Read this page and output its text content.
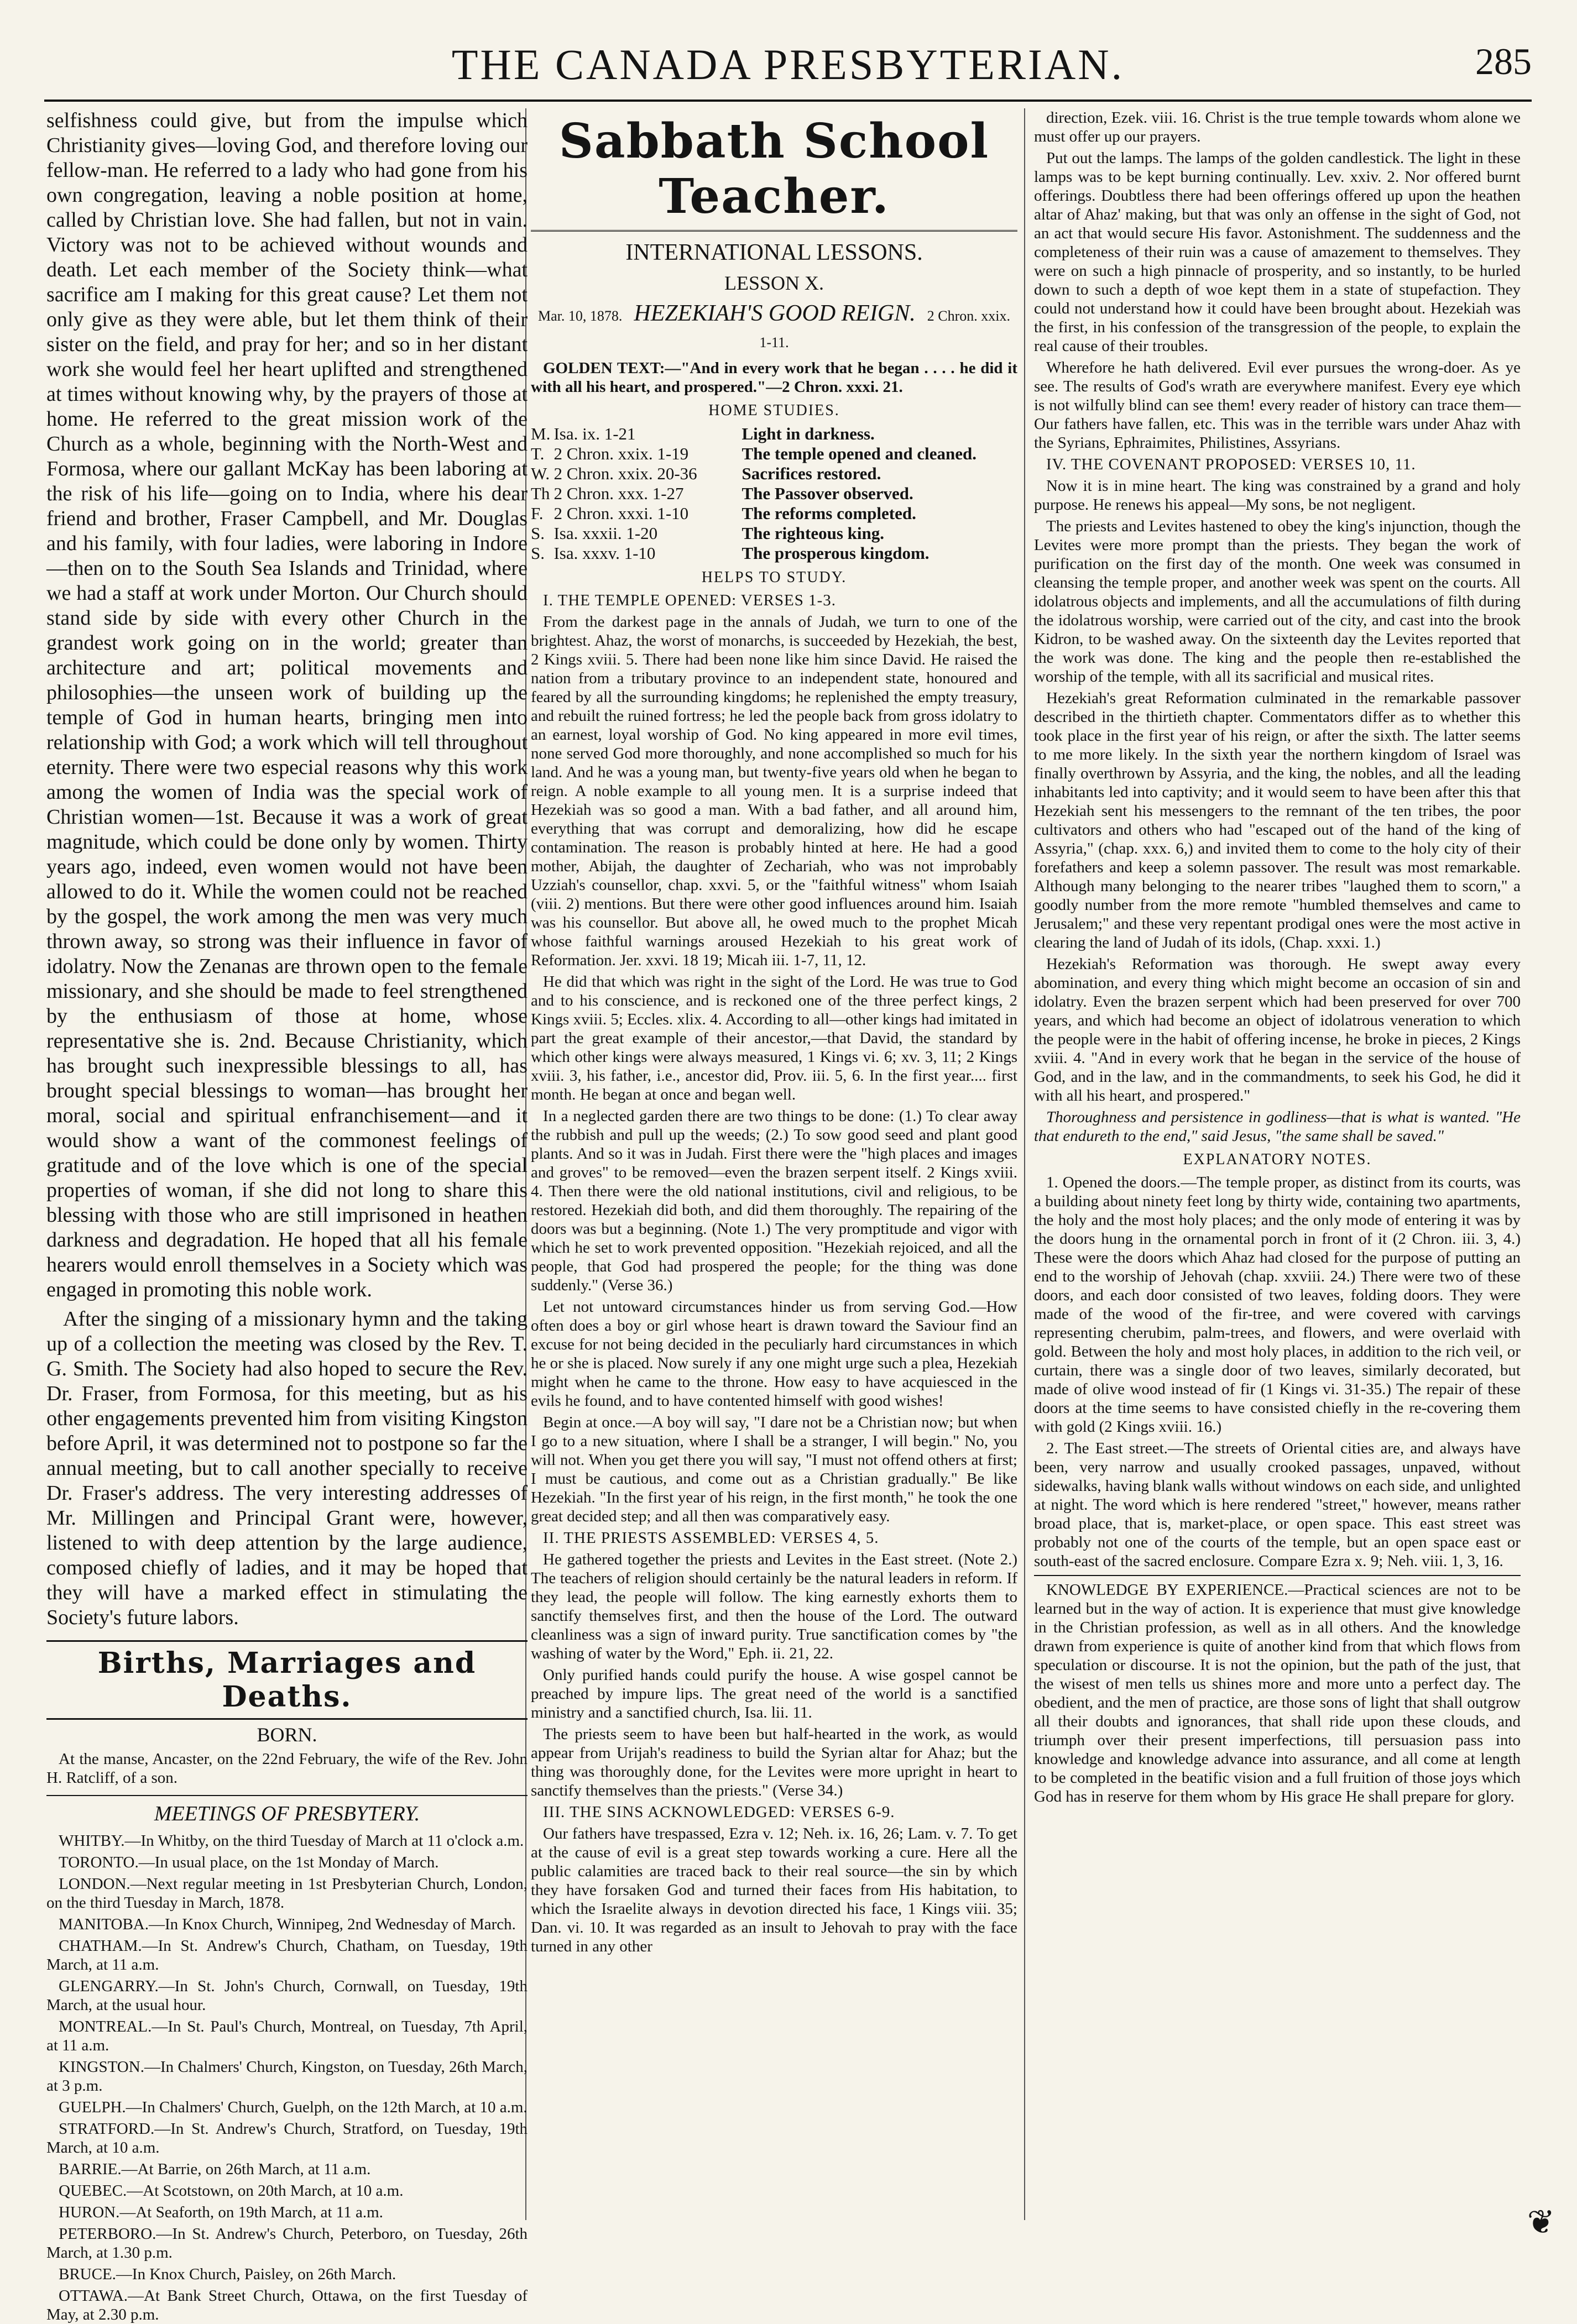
THE CANADA PRESBYTERIAN.	285

selfishness could give, but from the impulse which Christianity gives—loving God, and therefore loving our fellow-man. He referred to a lady who had gone from his own congregation, leaving a noble position at home, called by Christian love. She had fallen, but not in vain. Victory was not to be achieved without wounds and death. Let each member of the Society think—what sacrifice am I making for this great cause? Let them not only give as they were able, but let them think of their sister on the field, and pray for her; and so in her distant work she would feel her heart uplifted and strengthened at times without knowing why, by the prayers of those at home. He referred to the great mission work of the Church as a whole, beginning with the North-West and Formosa, where our gallant McKay has been laboring at the risk of his life—going on to India, where his dear friend and brother, Fraser Campbell, and Mr. Douglas and his family, with four ladies, were laboring in Indore—then on to the South Sea Islands and Trinidad, where we had a staff at work under Morton. Our Church should stand side by side with every other Church in the grandest work going on in the world; greater than architecture and art; political movements and philosophies—the unseen work of building up the temple of God in human hearts, bringing men into relationship with God; a work which will tell throughout eternity. There were two especial reasons why this work among the women of India was the special work of Christian women—1st. Because it was a work of great magnitude, which could be done only by women. Thirty years ago, indeed, even women would not have been allowed to do it. While the women could not be reached by the gospel, the work among the men was very much thrown away, so strong was their influence in favor of idolatry. Now the Zenanas are thrown open to the female missionary, and she should be made to feel strengthened by the enthusiasm of those at home, whose representative she is. 2nd. Because Christianity, which has brought such inexpressible blessings to all, has brought special blessings to woman—has brought her moral, social and spiritual enfranchisement—and it would show a want of the commonest feelings of gratitude and of the love which is one of the special properties of woman, if she did not long to share this blessing with those who are still imprisoned in heathen darkness and degradation. He hoped that all his female hearers would enroll themselves in a Society which was engaged in promoting this noble work.

After the singing of a missionary hymn and the taking up of a collection the meeting was closed by the Rev. T. G. Smith. The Society had also hoped to secure the Rev. Dr. Fraser, from Formosa, for this meeting, but as his other engagements prevented him from visiting Kingston before April, it was determined not to postpone so far the annual meeting, but to call another specially to receive Dr. Fraser's address. The very interesting addresses of Mr. Millingen and Principal Grant were, however, listened to with deep attention by the large audience, composed chiefly of ladies, and it may be hoped that they will have a marked effect in stimulating the Society's future labors.

Births, Marriages and Deaths.
BORN.

At the manse, Ancaster, on the 22nd February, the wife of the Rev. John H. Ratcliff, of a son.

MEETINGS OF PRESBYTERY.

WHITBY.—In Whitby, on the third Tuesday of March at 11 o'clock a.m.

TORONTO.—In usual place, on the 1st Monday of March.

LONDON.—Next regular meeting in 1st Presbyterian Church, London, on the third Tuesday in March, 1878.

MANITOBA.—In Knox Church, Winnipeg, 2nd Wednesday of March.

CHATHAM.—In St. Andrew's Church, Chatham, on Tuesday, 19th March, at 11 a.m.

GLENGARRY.—In St. John's Church, Cornwall, on Tuesday, 19th March, at the usual hour.

MONTREAL.—In St. Paul's Church, Montreal, on Tuesday, 7th April, at 11 a.m.

KINGSTON.—In Chalmers' Church, Kingston, on Tuesday, 26th March, at 3 p.m.

GUELPH.—In Chalmers' Church, Guelph, on the 12th March, at 10 a.m.

STRATFORD.—In St. Andrew's Church, Stratford, on Tuesday, 19th March, at 10 a.m.

BARRIE.—At Barrie, on 26th March, at 11 a.m.

QUEBEC.—At Scotstown, on 20th March, at 10 a.m.

HURON.—At Seaforth, on 19th March, at 11 a.m.

PETERBORO.—In St. Andrew's Church, Peterboro, on Tuesday, 26th March, at 1.30 p.m.

BRUCE.—In Knox Church, Paisley, on 26th March.

OTTAWA.—At Bank Street Church, Ottawa, on the first Tuesday of May, at 2.30 p.m.

Sabbath School Teacher.
INTERNATIONAL LESSONS.
LESSON X.
Mar. 10, 1878. HEZEKIAH'S GOOD REIGN. 2 Chron. xxix. 1-11.

GOLDEN TEXT:—"And in every work that he began . . . . he did it with all his heart, and prospered."—2 Chron. xxxi. 21.

HOME STUDIES.
M.	Isa. ix. 1-21	Light in darkness.
T.	2 Chron. xxix. 1-19	The temple opened and cleaned.
W.	2 Chron. xxix. 20-36	Sacrifices restored.
Th	2 Chron. xxx. 1-27	The Passover observed.
F.	2 Chron. xxxi. 1-10	The reforms completed.
S.	Isa. xxxii. 1-20	The righteous king.
S.	Isa. xxxv. 1-10	The prosperous kingdom.
HELPS TO STUDY.

I. THE TEMPLE OPENED: VERSES 1-3.

From the darkest page in the annals of Judah, we turn to one of the brightest. Ahaz, the worst of monarchs, is succeeded by Hezekiah, the best, 2 Kings xviii. 5. There had been none like him since David. He raised the nation from a tributary province to an independent state, honoured and feared by all the surrounding kingdoms; he replenished the empty treasury, and rebuilt the ruined fortress; he led the people back from gross idolatry to an earnest, loyal worship of God. No king appeared in more evil times, none served God more thoroughly, and none accomplished so much for his land. And he was a young man, but twenty-five years old when he began to reign. A noble example to all young men. It is a surprise indeed that Hezekiah was so good a man. With a bad father, and all around him, everything that was corrupt and demoralizing, how did he escape contamination. The reason is probably hinted at here. He had a good mother, Abijah, the daughter of Zechariah, who was not improbably Uzziah's counsellor, chap. xxvi. 5, or the "faithful witness" whom Isaiah (viii. 2) mentions. But there were other good influences around him. Isaiah was his counsellor. But above all, he owed much to the prophet Micah whose faithful warnings aroused Hezekiah to his great work of Reformation. Jer. xxvi. 18 19; Micah iii. 1-7, 11, 12.

He did that which was right in the sight of the Lord. He was true to God and to his conscience, and is reckoned one of the three perfect kings, 2 Kings xviii. 5; Eccles. xlix. 4. According to all—other kings had imitated in part the great example of their ancestor,—that David, the standard by which other kings were always measured, 1 Kings vi. 6; xv. 3, 11; 2 Kings xviii. 3, his father, i.e., ancestor did, Prov. iii. 5, 6. In the first year.... first month. He began at once and began well.

In a neglected garden there are two things to be done: (1.) To clear away the rubbish and pull up the weeds; (2.) To sow good seed and plant good plants. And so it was in Judah. First there were the "high places and images and groves" to be removed—even the brazen serpent itself. 2 Kings xviii. 4. Then there were the old national institutions, civil and religious, to be restored. Hezekiah did both, and did them thoroughly. The repairing of the doors was but a beginning. (Note 1.) The very promptitude and vigor with which he set to work prevented opposition. "Hezekiah rejoiced, and all the people, that God had prospered the people; for the thing was done suddenly." (Verse 36.)

Let not untoward circumstances hinder us from serving God.—How often does a boy or girl whose heart is drawn toward the Saviour find an excuse for not being decided in the peculiarly hard circumstances in which he or she is placed. Now surely if any one might urge such a plea, Hezekiah might when he came to the throne. How easy to have acquiesced in the evils he found, and to have contented himself with good wishes!

Begin at once.—A boy will say, "I dare not be a Christian now; but when I go to a new situation, where I shall be a stranger, I will begin." No, you will not. When you get there you will say, "I must not offend others at first; I must be cautious, and come out as a Christian gradually." Be like Hezekiah. "In the first year of his reign, in the first month," he took the one great decided step; and all then was comparatively easy.

II. THE PRIESTS ASSEMBLED: VERSES 4, 5.

He gathered together the priests and Levites in the East street. (Note 2.) The teachers of religion should certainly be the natural leaders in reform. If they lead, the people will follow. The king earnestly exhorts them to sanctify themselves first, and then the house of the Lord. The outward cleanliness was a sign of inward purity. True sanctification comes by "the washing of water by the Word," Eph. ii. 21, 22.

Only purified hands could purify the house. A wise gospel cannot be preached by impure lips. The great need of the world is a sanctified ministry and a sanctified church, Isa. lii. 11.

The priests seem to have been but half-hearted in the work, as would appear from Urijah's readiness to build the Syrian altar for Ahaz; but the thing was thoroughly done, for the Levites were more upright in heart to sanctify themselves than the priests." (Verse 34.)

III. THE SINS ACKNOWLEDGED: VERSES 6-9.

Our fathers have trespassed, Ezra v. 12; Neh. ix. 16, 26; Lam. v. 7. To get at the cause of evil is a great step towards working a cure. Here all the public calamities are traced back to their real source—the sin by which they have forsaken God and turned their faces from His habitation, to which the Israelite always in devotion directed his face, 1 Kings viii. 35; Dan. vi. 10. It was regarded as an insult to Jehovah to pray with the face turned in any other

direction, Ezek. viii. 16. Christ is the true temple towards whom alone we must offer up our prayers.

Put out the lamps. The lamps of the golden candlestick. The light in these lamps was to be kept burning continually. Lev. xxiv. 2. Nor offered burnt offerings. Doubtless there had been offerings offered up upon the heathen altar of Ahaz' making, but that was only an offense in the sight of God, not an act that would secure His favor. Astonishment. The suddenness and the completeness of their ruin was a cause of amazement to themselves. They were on such a high pinnacle of prosperity, and so instantly, to be hurled down to such a depth of woe kept them in a state of stupefaction. They could not understand how it could have been brought about. Hezekiah was the first, in his confession of the transgression of the people, to explain the real cause of their troubles.

Wherefore he hath delivered. Evil ever pursues the wrong-doer. As ye see. The results of God's wrath are everywhere manifest. Every eye which is not wilfully blind can see them! every reader of history can trace them—Our fathers have fallen, etc. This was in the terrible wars under Ahaz with the Syrians, Ephraimites, Philistines, Assyrians.

IV. THE COVENANT PROPOSED: VERSES 10, 11.

Now it is in mine heart. The king was constrained by a grand and holy purpose. He renews his appeal—My sons, be not negligent.

The priests and Levites hastened to obey the king's injunction, though the Levites were more prompt than the priests. They began the work of purification on the first day of the month. One week was consumed in cleansing the temple proper, and another week was spent on the courts. All idolatrous objects and implements, and all the accumulations of filth during the idolatrous worship, were carried out of the city, and cast into the brook Kidron, to be washed away. On the sixteenth day the Levites reported that the work was done. The king and the people then re-established the worship of the temple, with all its sacrificial and musical rites.

Hezekiah's great Reformation culminated in the remarkable passover described in the thirtieth chapter. Commentators differ as to whether this took place in the first year of his reign, or after the sixth. The latter seems to me more likely. In the sixth year the northern kingdom of Israel was finally overthrown by Assyria, and the king, the nobles, and all the leading inhabitants led into captivity; and it would seem to have been after this that Hezekiah sent his messengers to the remnant of the ten tribes, the poor cultivators and others who had "escaped out of the hand of the king of Assyria," (chap. xxx. 6,) and invited them to come to the holy city of their forefathers and keep a solemn passover. The result was most remarkable. Although many belonging to the nearer tribes "laughed them to scorn," a goodly number from the more remote "humbled themselves and came to Jerusalem;" and these very repentant prodigal ones were the most active in clearing the land of Judah of its idols, (Chap. xxxi. 1.)

Hezekiah's Reformation was thorough. He swept away every abomination, and every thing which might become an occasion of sin and idolatry. Even the brazen serpent which had been preserved for over 700 years, and which had become an object of idolatrous veneration to which the people were in the habit of offering incense, he broke in pieces, 2 Kings xviii. 4. "And in every work that he began in the service of the house of God, and in the law, and in the commandments, to seek his God, he did it with all his heart, and prospered."

Thoroughness and persistence in godliness—that is what is wanted. "He that endureth to the end," said Jesus, "the same shall be saved."

EXPLANATORY NOTES.

1. Opened the doors.—The temple proper, as distinct from its courts, was a building about ninety feet long by thirty wide, containing two apartments, the holy and the most holy places; and the only mode of entering it was by the doors hung in the ornamental porch in front of it (2 Chron. iii. 3, 4.) These were the doors which Ahaz had closed for the purpose of putting an end to the worship of Jehovah (chap. xxviii. 24.) There were two of these doors, and each door consisted of two leaves, folding doors. They were made of the wood of the fir-tree, and were covered with carvings representing cherubim, palm-trees, and flowers, and were overlaid with gold. Between the holy and most holy places, in addition to the rich veil, or curtain, there was a single door of two leaves, similarly decorated, but made of olive wood instead of fir (1 Kings vi. 31-35.) The repair of these doors at the time seems to have consisted chiefly in the re-covering them with gold (2 Kings xviii. 16.)

2. The East street.—The streets of Oriental cities are, and always have been, very narrow and usually crooked passages, unpaved, without sidewalks, having blank walls without windows on each side, and unlighted at night. The word which is here rendered "street," however, means rather broad place, that is, market-place, or open space. This east street was probably not one of the courts of the temple, but an open space east or south-east of the sacred enclosure. Compare Ezra x. 9; Neh. viii. 1, 3, 16.

KNOWLEDGE BY EXPERIENCE.—Practical sciences are not to be learned but in the way of action. It is experience that must give knowledge in the Christian profession, as well as in all others. And the knowledge drawn from experience is quite of another kind from that which flows from speculation or discourse. It is not the opinion, but the path of the just, that the wisest of men tells us shines more and more unto a perfect day. The obedient, and the men of practice, are those sons of light that shall outgrow all their doubts and ignorances, that shall ride upon these clouds, and triumph over their present imperfections, till persuasion pass into knowledge and knowledge advance into assurance, and all come at length to be completed in the beatific vision and a full fruition of those joys which God has in reserve for them whom by His grace He shall prepare for glory.

❦
